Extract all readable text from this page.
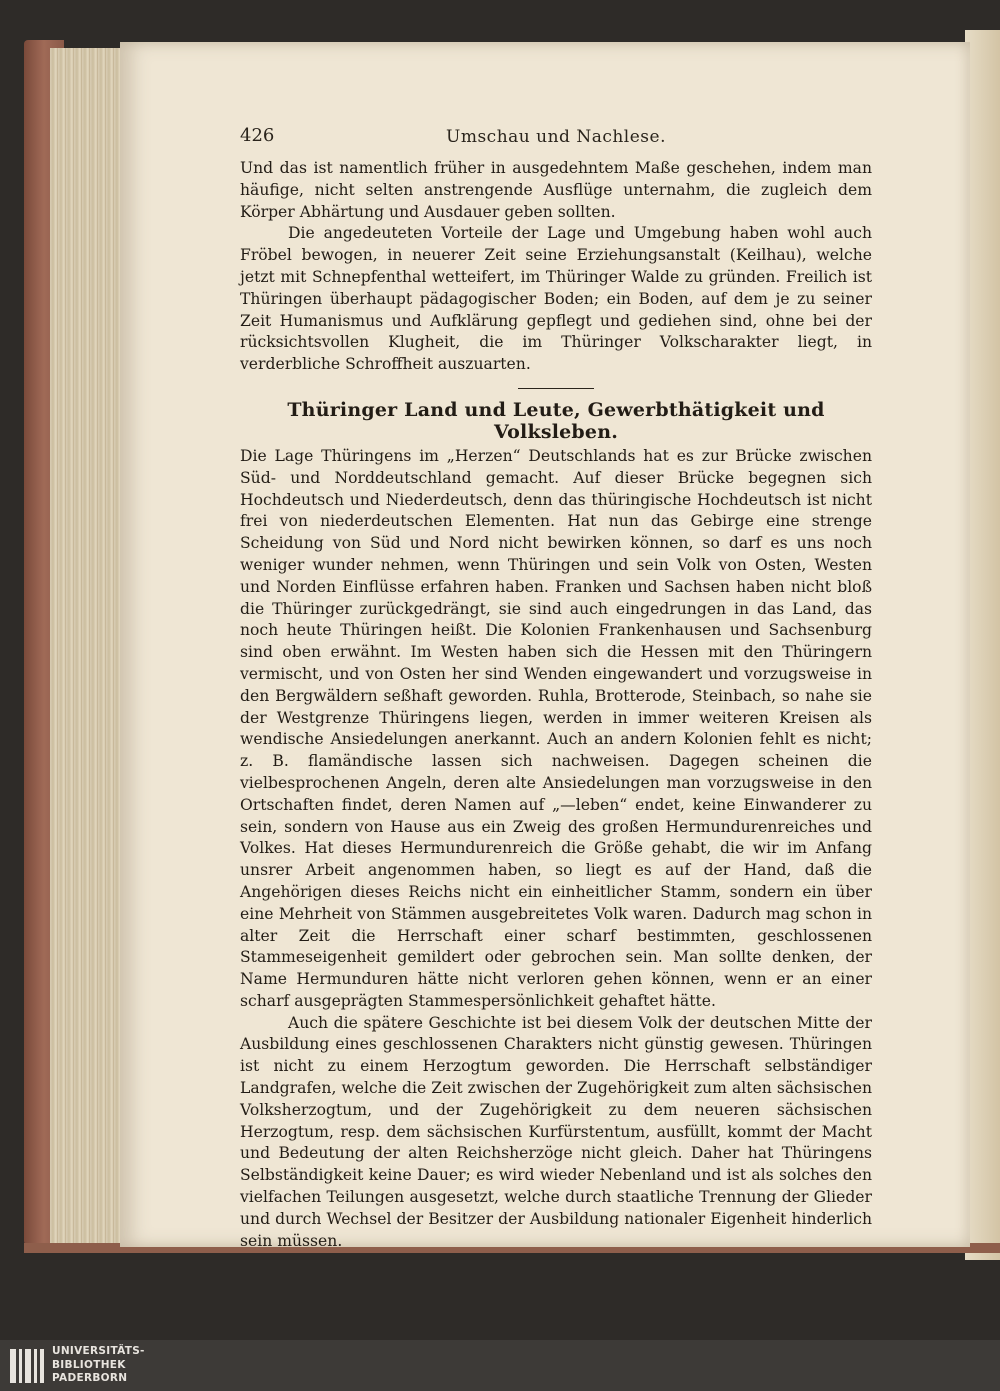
426	Umschau und Nachlese.

Und das ist namentlich früher in ausgedehntem Maße geschehen, indem man häufige, nicht selten anstrengende Ausflüge unternahm, die zugleich dem Körper Abhärtung und Ausdauer geben sollten.

Die angedeuteten Vorteile der Lage und Umgebung haben wohl auch Fröbel bewogen, in neuerer Zeit seine Erziehungsanstalt (Keilhau), welche jetzt mit Schnepfenthal wetteifert, im Thüringer Walde zu gründen. Freilich ist Thüringen überhaupt pädagogischer Boden; ein Boden, auf dem je zu seiner Zeit Humanismus und Aufklärung gepflegt und gediehen sind, ohne bei der rücksichtsvollen Klugheit, die im Thüringer Volkscharakter liegt, in verderbliche Schroffheit auszuarten.

Thüringer Land und Leute, Gewerbthätigkeit und Volksleben.

Die Lage Thüringens im „Herzen“ Deutschlands hat es zur Brücke zwischen Süd- und Norddeutschland gemacht. Auf dieser Brücke begegnen sich Hochdeutsch und Niederdeutsch, denn das thüringische Hochdeutsch ist nicht frei von niederdeutschen Elementen. Hat nun das Gebirge eine strenge Scheidung von Süd und Nord nicht bewirken können, so darf es uns noch weniger wunder nehmen, wenn Thüringen und sein Volk von Osten, Westen und Norden Einflüsse erfahren haben. Franken und Sachsen haben nicht bloß die Thüringer zurückgedrängt, sie sind auch eingedrungen in das Land, das noch heute Thüringen heißt. Die Kolonien Frankenhausen und Sachsenburg sind oben erwähnt. Im Westen haben sich die Hessen mit den Thüringern vermischt, und von Osten her sind Wenden eingewandert und vorzugsweise in den Bergwäldern seßhaft geworden. Ruhla, Brotterode, Steinbach, so nahe sie der Westgrenze Thüringens liegen, werden in immer weiteren Kreisen als wendische Ansiedelungen anerkannt. Auch an andern Kolonien fehlt es nicht; z. B. flamändische lassen sich nachweisen. Dagegen scheinen die vielbesprochenen Angeln, deren alte Ansiedelungen man vorzugsweise in den Ortschaften findet, deren Namen auf „—leben“ endet, keine Einwanderer zu sein, sondern von Hause aus ein Zweig des großen Hermundurenreiches und Volkes. Hat dieses Hermundurenreich die Größe gehabt, die wir im Anfang unsrer Arbeit angenommen haben, so liegt es auf der Hand, daß die Angehörigen dieses Reichs nicht ein einheitlicher Stamm, sondern ein über eine Mehrheit von Stämmen ausgebreitetes Volk waren. Dadurch mag schon in alter Zeit die Herrschaft einer scharf bestimmten, geschlossenen Stammeseigenheit gemildert oder gebrochen sein. Man sollte denken, der Name Hermunduren hätte nicht verloren gehen können, wenn er an einer scharf ausgeprägten Stammespersönlichkeit gehaftet hätte.

Auch die spätere Geschichte ist bei diesem Volk der deutschen Mitte der Ausbildung eines geschlossenen Charakters nicht günstig gewesen. Thüringen ist nicht zu einem Herzogtum geworden. Die Herrschaft selbständiger Landgrafen, welche die Zeit zwischen der Zugehörigkeit zum alten sächsischen Volksherzogtum, und der Zugehörigkeit zu dem neueren sächsischen Herzogtum, resp. dem sächsischen Kurfürstentum, ausfüllt, kommt der Macht und Bedeutung der alten Reichsherzöge nicht gleich. Daher hat Thüringens Selbständigkeit keine Dauer; es wird wieder Nebenland und ist als solches den vielfachen Teilungen ausgesetzt, welche durch staatliche Trennung der Glieder und durch Wechsel der Besitzer der Ausbildung nationaler Eigenheit hinderlich sein müssen.

UNIVERSITÄTS-
BIBLIOTHEK
PADERBORN
